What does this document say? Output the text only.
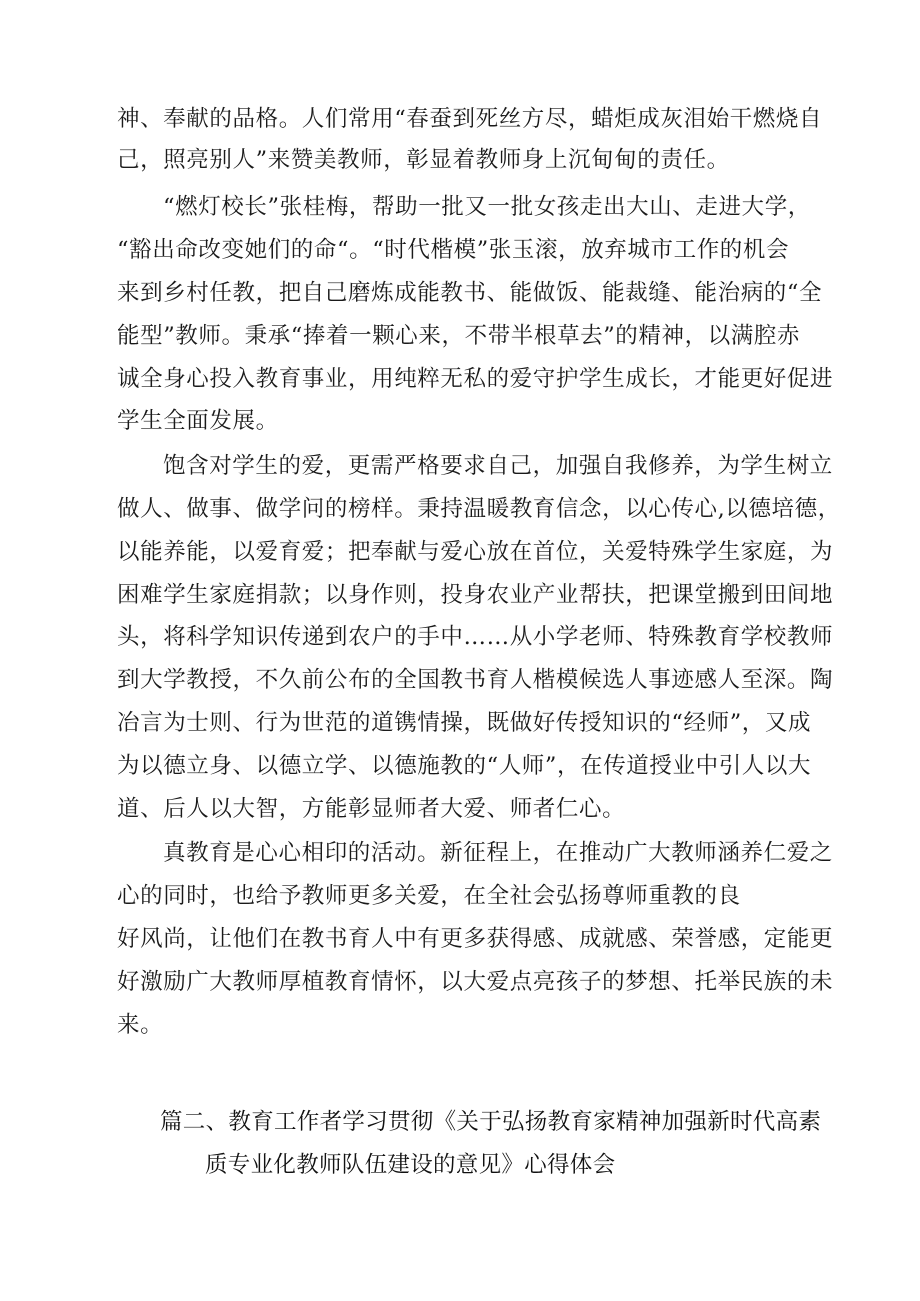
神、奉献的品格。人们常用“春蚕到死丝方尽，蜡炬成灰泪始干燃烧自
己，照亮别人”来赞美教师，彰显着教师身上沉甸甸的责任。
“燃灯校长”张桂梅，帮助一批又一批女孩走出大山、走进大学，
“豁出命改变她们的命“。“时代楷模”张玉滚，放弃城市工作的机会
来到乡村任教，把自己磨炼成能教书、能做饭、能裁缝、能治病的“全
能型”教师。秉承“捧着一颗心来，不带半根草去”的精神，以满腔赤
诚全身心投入教育事业，用纯粹无私的爱守护学生成长，才能更好促进
学生全面发展。
饱含对学生的爱，更需严格要求自己，加强自我修养，为学生树立
做人、做事、做学问的榜样。秉持温暖教育信念，以心传心,以德培德，
以能养能，以爱育爱；把奉献与爱心放在首位，关爱特殊学生家庭，为
困难学生家庭捐款；以身作则，投身农业产业帮扶，把课堂搬到田间地
头，将科学知识传递到农户的手中……从小学老师、特殊教育学校教师
到大学教授，不久前公布的全国教书育人楷模候选人事迹感人至深。陶
冶言为士则、行为世范的道镌情操，既做好传授知识的“经师”，又成
为以德立身、以德立学、以德施教的“人师”，在传道授业中引人以大
道、后人以大智，方能彰显师者大爱、师者仁心。
真教育是心心相印的活动。新征程上，在推动广大教师涵养仁爱之
心的同时，也给予教师更多关爱，在全社会弘扬尊师重教的良
好风尚，让他们在教书育人中有更多获得感、成就感、荣誉感，定能更
好激励广大教师厚植教育情怀，以大爱点亮孩子的梦想、托举民族的未
来。
篇二、教育工作者学习贯彻《关于弘扬教育家精神加强新时代高素
质专业化教师队伍建设的意见》心得体会
